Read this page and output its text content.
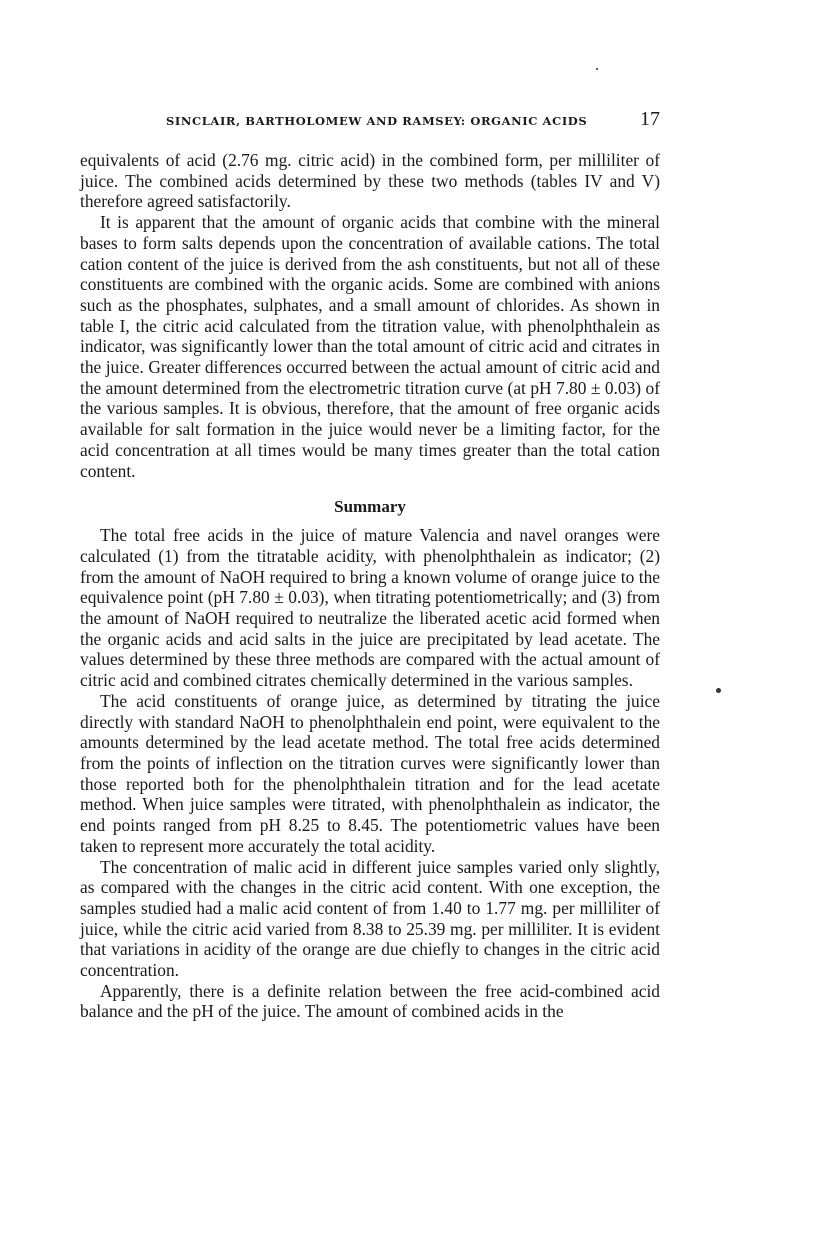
SINCLAIR, BARTHOLOMEW AND RAMSEY: ORGANIC ACIDS	17

equivalents of acid (2.76 mg. citric acid) in the combined form, per milliliter of juice. The combined acids determined by these two methods (tables IV and V) therefore agreed satisfactorily.

It is apparent that the amount of organic acids that combine with the mineral bases to form salts depends upon the concentration of available cations. The total cation content of the juice is derived from the ash constituents, but not all of these constituents are combined with the organic acids. Some are combined with anions such as the phosphates, sulphates, and a small amount of chlorides. As shown in table I, the citric acid calculated from the titration value, with phenolphthalein as indicator, was significantly lower than the total amount of citric acid and citrates in the juice. Greater differences occurred between the actual amount of citric acid and the amount determined from the electrometric titration curve (at pH 7.80 ± 0.03) of the various samples. It is obvious, therefore, that the amount of free organic acids available for salt formation in the juice would never be a limiting factor, for the acid concentration at all times would be many times greater than the total cation content.

Summary

The total free acids in the juice of mature Valencia and navel oranges were calculated (1) from the titratable acidity, with phenolphthalein as indicator; (2) from the amount of NaOH required to bring a known volume of orange juice to the equivalence point (pH 7.80 ± 0.03), when titrating potentiometrically; and (3) from the amount of NaOH required to neutralize the liberated acetic acid formed when the organic acids and acid salts in the juice are precipitated by lead acetate. The values determined by these three methods are compared with the actual amount of citric acid and combined citrates chemically determined in the various samples.

The acid constituents of orange juice, as determined by titrating the juice directly with standard NaOH to phenolphthalein end point, were equivalent to the amounts determined by the lead acetate method. The total free acids determined from the points of inflection on the titration curves were significantly lower than those reported both for the phenolphthalein titration and for the lead acetate method. When juice samples were titrated, with phenolphthalein as indicator, the end points ranged from pH 8.25 to 8.45. The potentiometric values have been taken to represent more accurately the total acidity.

The concentration of malic acid in different juice samples varied only slightly, as compared with the changes in the citric acid content. With one exception, the samples studied had a malic acid content of from 1.40 to 1.77 mg. per milliliter of juice, while the citric acid varied from 8.38 to 25.39 mg. per milliliter. It is evident that variations in acidity of the orange are due chiefly to changes in the citric acid concentration.

Apparently, there is a definite relation between the free acid-combined acid balance and the pH of the juice. The amount of combined acids in the
